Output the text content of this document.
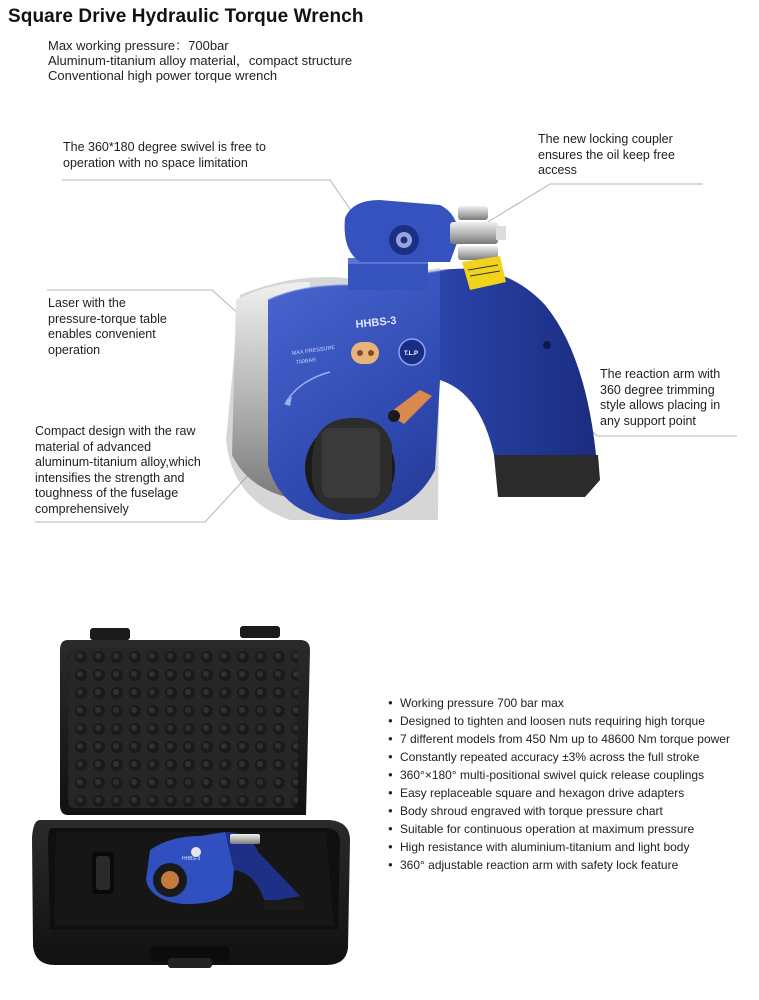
Square Drive Hydraulic Torque Wrench
Max working pressure：700bar
Aluminum-titanium alloy material，compact structure
Conventional high power torque wrench
HHBS-3
MAX PRESSURE
700BAR
T.L.P
HHBS-3
The 360*180 degree swivel is free to
operation with no space limitation
The new locking coupler
ensures the oil keep free
access
Laser with the
pressure-torque table
enables convenient
operation
Compact design with the raw
material of advanced
aluminum-titanium alloy,which
intensifies the strength and
toughness of the fuselage
comprehensively
The reaction arm with
360 degree trimming
style allows placing in
any support point
● Working pressure 700 bar max
● Designed to tighten and loosen nuts requiring high torque
● 7 different models from 450 Nm up to 48600 Nm torque power
● Constantly repeated accuracy ±3% across the full stroke
● 360°×180° multi-positional swivel quick release couplings
● Easy replaceable square and hexagon drive adapters
● Body shroud engraved with torque pressure chart
● Suitable for continuous operation at maximum pressure
● High resistance with aluminium-titanium and light body
● 360° adjustable reaction arm with safety lock feature
